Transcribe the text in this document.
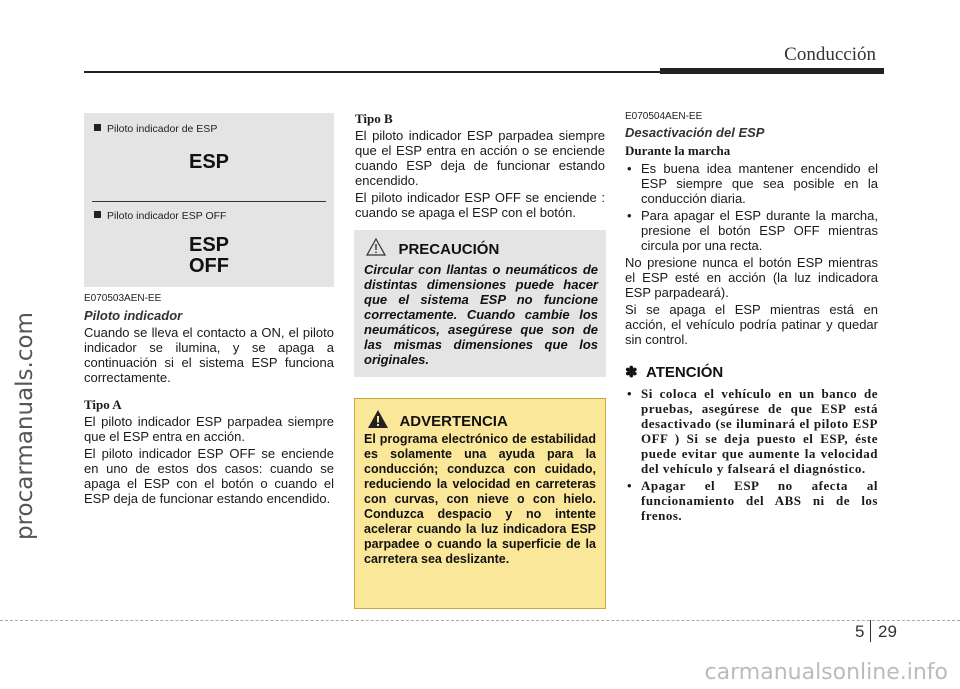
Conducción
procarmanuals.com
Piloto indicador de ESP
ESP
Piloto indicador ESP OFF
ESP
OFF
E070503AEN-EE
Piloto indicador
Cuando se lleva el contacto a ON, el piloto indicador se ilumina, y se apaga a continuación si el sistema ESP funciona correctamente.
Tipo A
El piloto indicador ESP parpadea siempre que el ESP entra en acción.
El piloto indicador ESP OFF se enciende en uno de estos dos casos: cuando se apaga el ESP con el botón o cuando el ESP deja de funcionar estando encendido.
Tipo B
El piloto indicador ESP parpadea siempre que el ESP entra en acción o se enciende cuando ESP deja de funcionar estando encendido.
El piloto indicador ESP OFF se enciende : cuando se apaga el ESP con el botón.
PRECAUCIÓN
Circular con llantas o neumáticos de distintas dimensiones puede hacer que el sistema ESP no funcione correctamente. Cuando cambie los neumáticos, asegúrese que son de las mismas dimensiones que los originales.
ADVERTENCIA
El programa electrónico de estabilidad es solamente una ayuda para la conducción; conduzca con cuidado, reduciendo la velocidad en carreteras con curvas, con nieve o con hielo. Conduzca despacio y no intente acelerar cuando la luz indicadora ESP parpadee o cuando la superficie de la carretera sea deslizante.
E070504AEN-EE
Desactivación del ESP
Durante la marcha
• Es buena idea mantener encendido el ESP siempre que sea posible en la conducción diaria.
• Para apagar el ESP durante la marcha, presione el botón ESP OFF mientras circula por una recta.
No presione nunca el botón ESP mientras el ESP esté en acción (la luz indicadora ESP parpadeará).
Si se apaga el ESP mientras está en acción, el vehículo podría patinar y quedar sin control.
✽ ATENCIÓN
• Si coloca el vehículo en un banco de pruebas, asegúrese de que ESP está desactivado (se iluminará el piloto ESP OFF ) Si se deja puesto el ESP, éste puede evitar que aumente la velocidad del vehículo y falseará el diagnóstico.
• Apagar el ESP no afecta al funcionamiento del ABS ni de los frenos.
5 29
carmanualsonline.info
